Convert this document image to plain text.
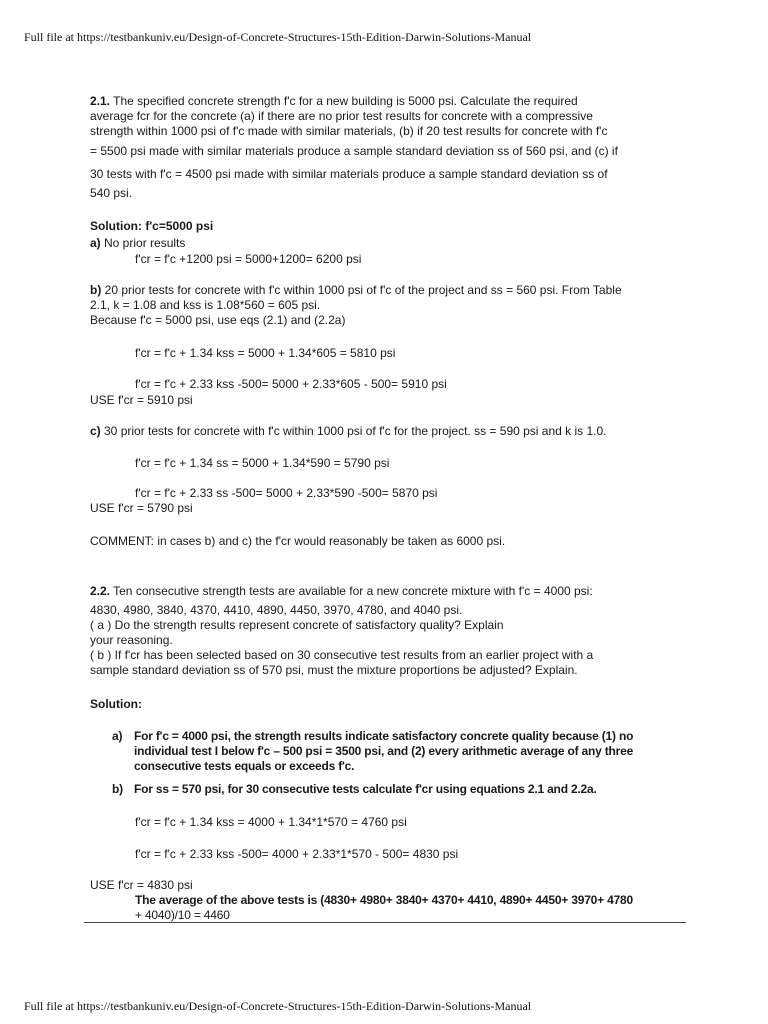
Full file at https://testbankuniv.eu/Design-of-Concrete-Structures-15th-Edition-Darwin-Solutions-Manual
2.1. The specified concrete strength f'c for a new building is 5000 psi. Calculate the required
average fcr for the concrete (a) if there are no prior test results for concrete with a compressive
strength within 1000 psi of f'c made with similar materials, (b) if 20 test results for concrete with f'c
= 5500 psi made with similar materials produce a sample standard deviation ss of 560 psi, and (c) if
30 tests with f'c = 4500 psi made with similar materials produce a sample standard deviation ss of
540 psi.
Solution: f'c=5000 psi
a) No prior results
f'cr = f'c +1200 psi = 5000+1200= 6200 psi
b) 20 prior tests for concrete with f'c within 1000 psi of f'c of the project and ss = 560 psi. From Table
2.1, k = 1.08 and kss is 1.08*560 = 605 psi.
Because f'c = 5000 psi, use eqs (2.1) and (2.2a)
f'cr = f'c + 1.34 kss = 5000 + 1.34*605 = 5810 psi
f'cr = f'c + 2.33 kss -500= 5000 + 2.33*605 - 500= 5910 psi
USE f'cr = 5910 psi
c) 30 prior tests for concrete with f'c within 1000 psi of f'c for the project. ss = 590 psi and k is 1.0.
f'cr = f'c + 1.34 ss = 5000 + 1.34*590 = 5790 psi
f'cr = f'c + 2.33 ss -500= 5000 + 2.33*590 -500= 5870 psi
USE f'cr = 5790 psi
COMMENT: in cases b) and c) the f'cr would reasonably be taken as 6000 psi.
2.2. Ten consecutive strength tests are available for a new concrete mixture with f'c = 4000 psi:
4830, 4980, 3840, 4370, 4410, 4890, 4450, 3970, 4780, and 4040 psi.
( a ) Do the strength results represent concrete of satisfactory quality? Explain
your reasoning.
( b ) If f'cr has been selected based on 30 consecutive test results from an earlier project with a
sample standard deviation ss of 570 psi, must the mixture proportions be adjusted? Explain.
Solution:
a) For f'c = 4000 psi, the strength results indicate satisfactory concrete quality because (1) no
individual test I below f'c – 500 psi = 3500 psi, and (2) every arithmetic average of any three
consecutive tests equals or exceeds f'c.
b) For ss = 570 psi, for 30 consecutive tests calculate f'cr using equations 2.1 and 2.2a.
f'cr = f'c + 1.34 kss = 4000 + 1.34*1*570 = 4760 psi
f'cr = f'c + 2.33 kss -500= 4000 + 2.33*1*570 - 500= 4830 psi
USE f'cr = 4830 psi
The average of the above tests is (4830+ 4980+ 3840+ 4370+ 4410, 4890+ 4450+ 3970+ 4780
+ 4040)/10 = 4460
Full file at https://testbankuniv.eu/Design-of-Concrete-Structures-15th-Edition-Darwin-Solutions-Manual
